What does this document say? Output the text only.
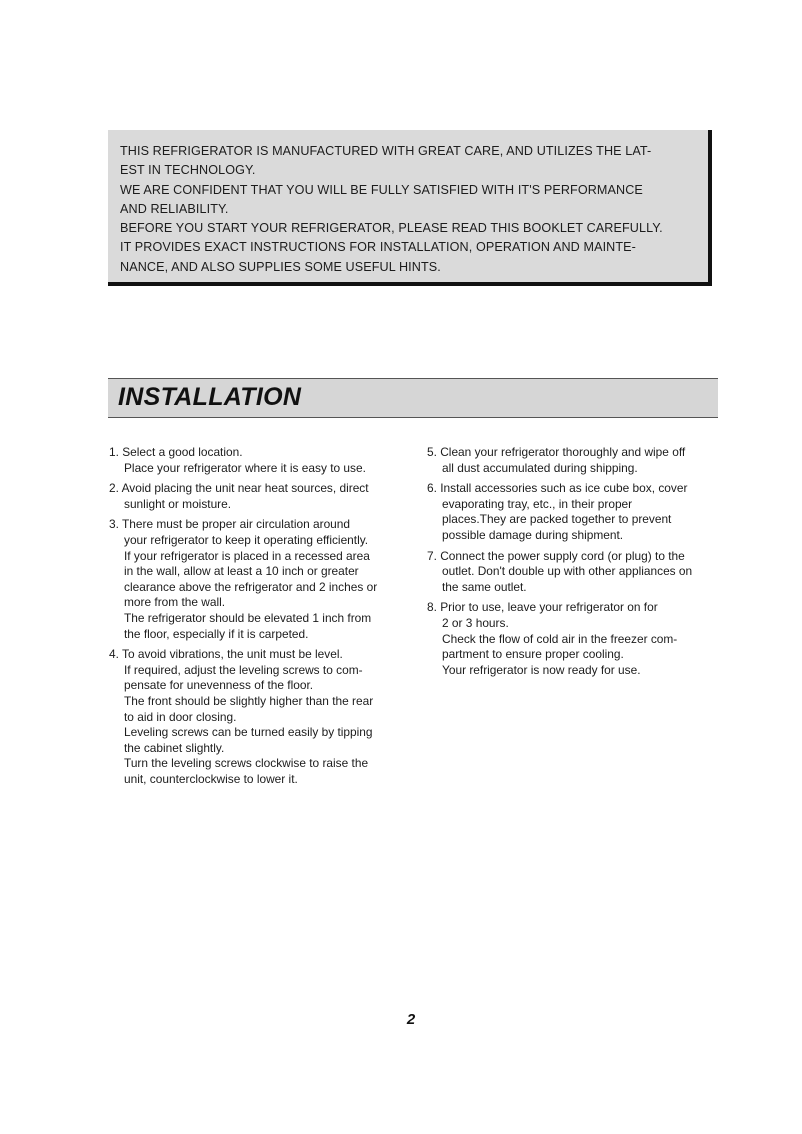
THIS REFRIGERATOR IS MANUFACTURED WITH GREAT CARE, AND UTILIZES THE LAT-
EST IN TECHNOLOGY.
WE ARE CONFIDENT THAT YOU WILL BE FULLY SATISFIED WITH IT'S PERFORMANCE
AND RELIABILITY.
BEFORE YOU START YOUR REFRIGERATOR, PLEASE READ THIS BOOKLET CAREFULLY.
IT PROVIDES EXACT INSTRUCTIONS FOR INSTALLATION, OPERATION AND MAINTE-
NANCE, AND ALSO SUPPLIES SOME USEFUL HINTS.
INSTALLATION
1. Select a good location.
Place your refrigerator where it is easy to use.
2. Avoid placing the unit near heat sources, direct
sunlight or moisture.
3. There must be proper air circulation around
your refrigerator to keep it operating efficiently.
If your refrigerator is placed in a recessed area
in the wall, allow at least a 10 inch or greater
clearance above the refrigerator and 2 inches or
more from the wall.
The refrigerator should be elevated 1 inch from
the floor, especially if it is carpeted.
4. To avoid vibrations, the unit must be level.
If required, adjust the leveling screws to com-
pensate for unevenness of the floor.
The front should be slightly higher than the rear
to aid in door closing.
Leveling screws can be turned easily by tipping
the cabinet slightly.
Turn the leveling screws clockwise to raise the
unit, counterclockwise to lower it.
5. Clean your refrigerator thoroughly and wipe off
all dust accumulated during shipping.
6. Install accessories such as ice cube box, cover
evaporating tray, etc., in their proper
places.They are packed together to prevent
possible damage during shipment.
7. Connect the power supply cord (or plug) to the
outlet. Don't double up with other appliances on
the same outlet.
8. Prior to use, leave your refrigerator on for
2 or 3 hours.
Check the flow of cold air in the freezer com-
partment to ensure proper cooling.
Your refrigerator is now ready for use.
2
